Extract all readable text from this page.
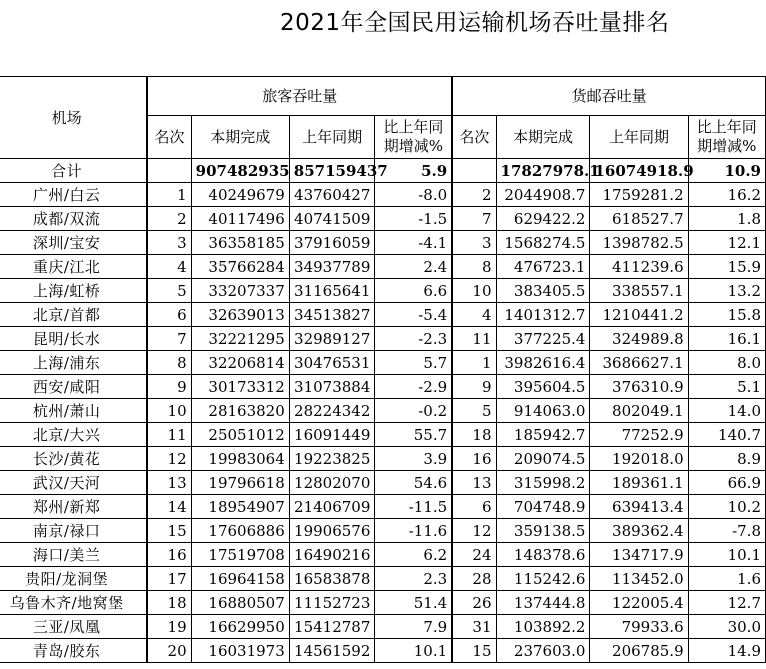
2021年全国民用运输机场吞吐量排名
机场	旅客吞吐量				货邮吞吐量			
	名次	本期完成	上年同期	比上年同期增减%	名次	本期完成	上年同期	比上年同期增减%
合计		907482935	857159437	5.9		17827978.1	16074918.9	10.9
广州/白云	1	40249679	43760427	-8.0	2	2044908.7	1759281.2	16.2
成都/双流	2	40117496	40741509	-1.5	7	629422.2	618527.7	1.8
深圳/宝安	3	36358185	37916059	-4.1	3	1568274.5	1398782.5	12.1
重庆/江北	4	35766284	34937789	2.4	8	476723.1	411239.6	15.9
上海/虹桥	5	33207337	31165641	6.6	10	383405.5	338557.1	13.2
北京/首都	6	32639013	34513827	-5.4	4	1401312.7	1210441.2	15.8
昆明/长水	7	32221295	32989127	-2.3	11	377225.4	324989.8	16.1
上海/浦东	8	32206814	30476531	5.7	1	3982616.4	3686627.1	8.0
西安/咸阳	9	30173312	31073884	-2.9	9	395604.5	376310.9	5.1
杭州/萧山	10	28163820	28224342	-0.2	5	914063.0	802049.1	14.0
北京/大兴	11	25051012	16091449	55.7	18	185942.7	77252.9	140.7
长沙/黄花	12	19983064	19223825	3.9	16	209074.5	192018.0	8.9
武汉/天河	13	19796618	12802070	54.6	13	315998.2	189361.1	66.9
郑州/新郑	14	18954907	21406709	-11.5	6	704748.9	639413.4	10.2
南京/禄口	15	17606886	19906576	-11.6	12	359138.5	389362.4	-7.8
海口/美兰	16	17519708	16490216	6.2	24	148378.6	134717.9	10.1
贵阳/龙洞堡	17	16964158	16583878	2.3	28	115242.6	113452.0	1.6
乌鲁木齐/地窝堡	18	16880507	11152723	51.4	26	137444.8	122005.4	12.7
三亚/凤凰	19	16629950	15412787	7.9	31	103892.2	79933.6	30.0
青岛/胶东	20	16031973	14561592	10.1	15	237603.0	206785.9	14.9
